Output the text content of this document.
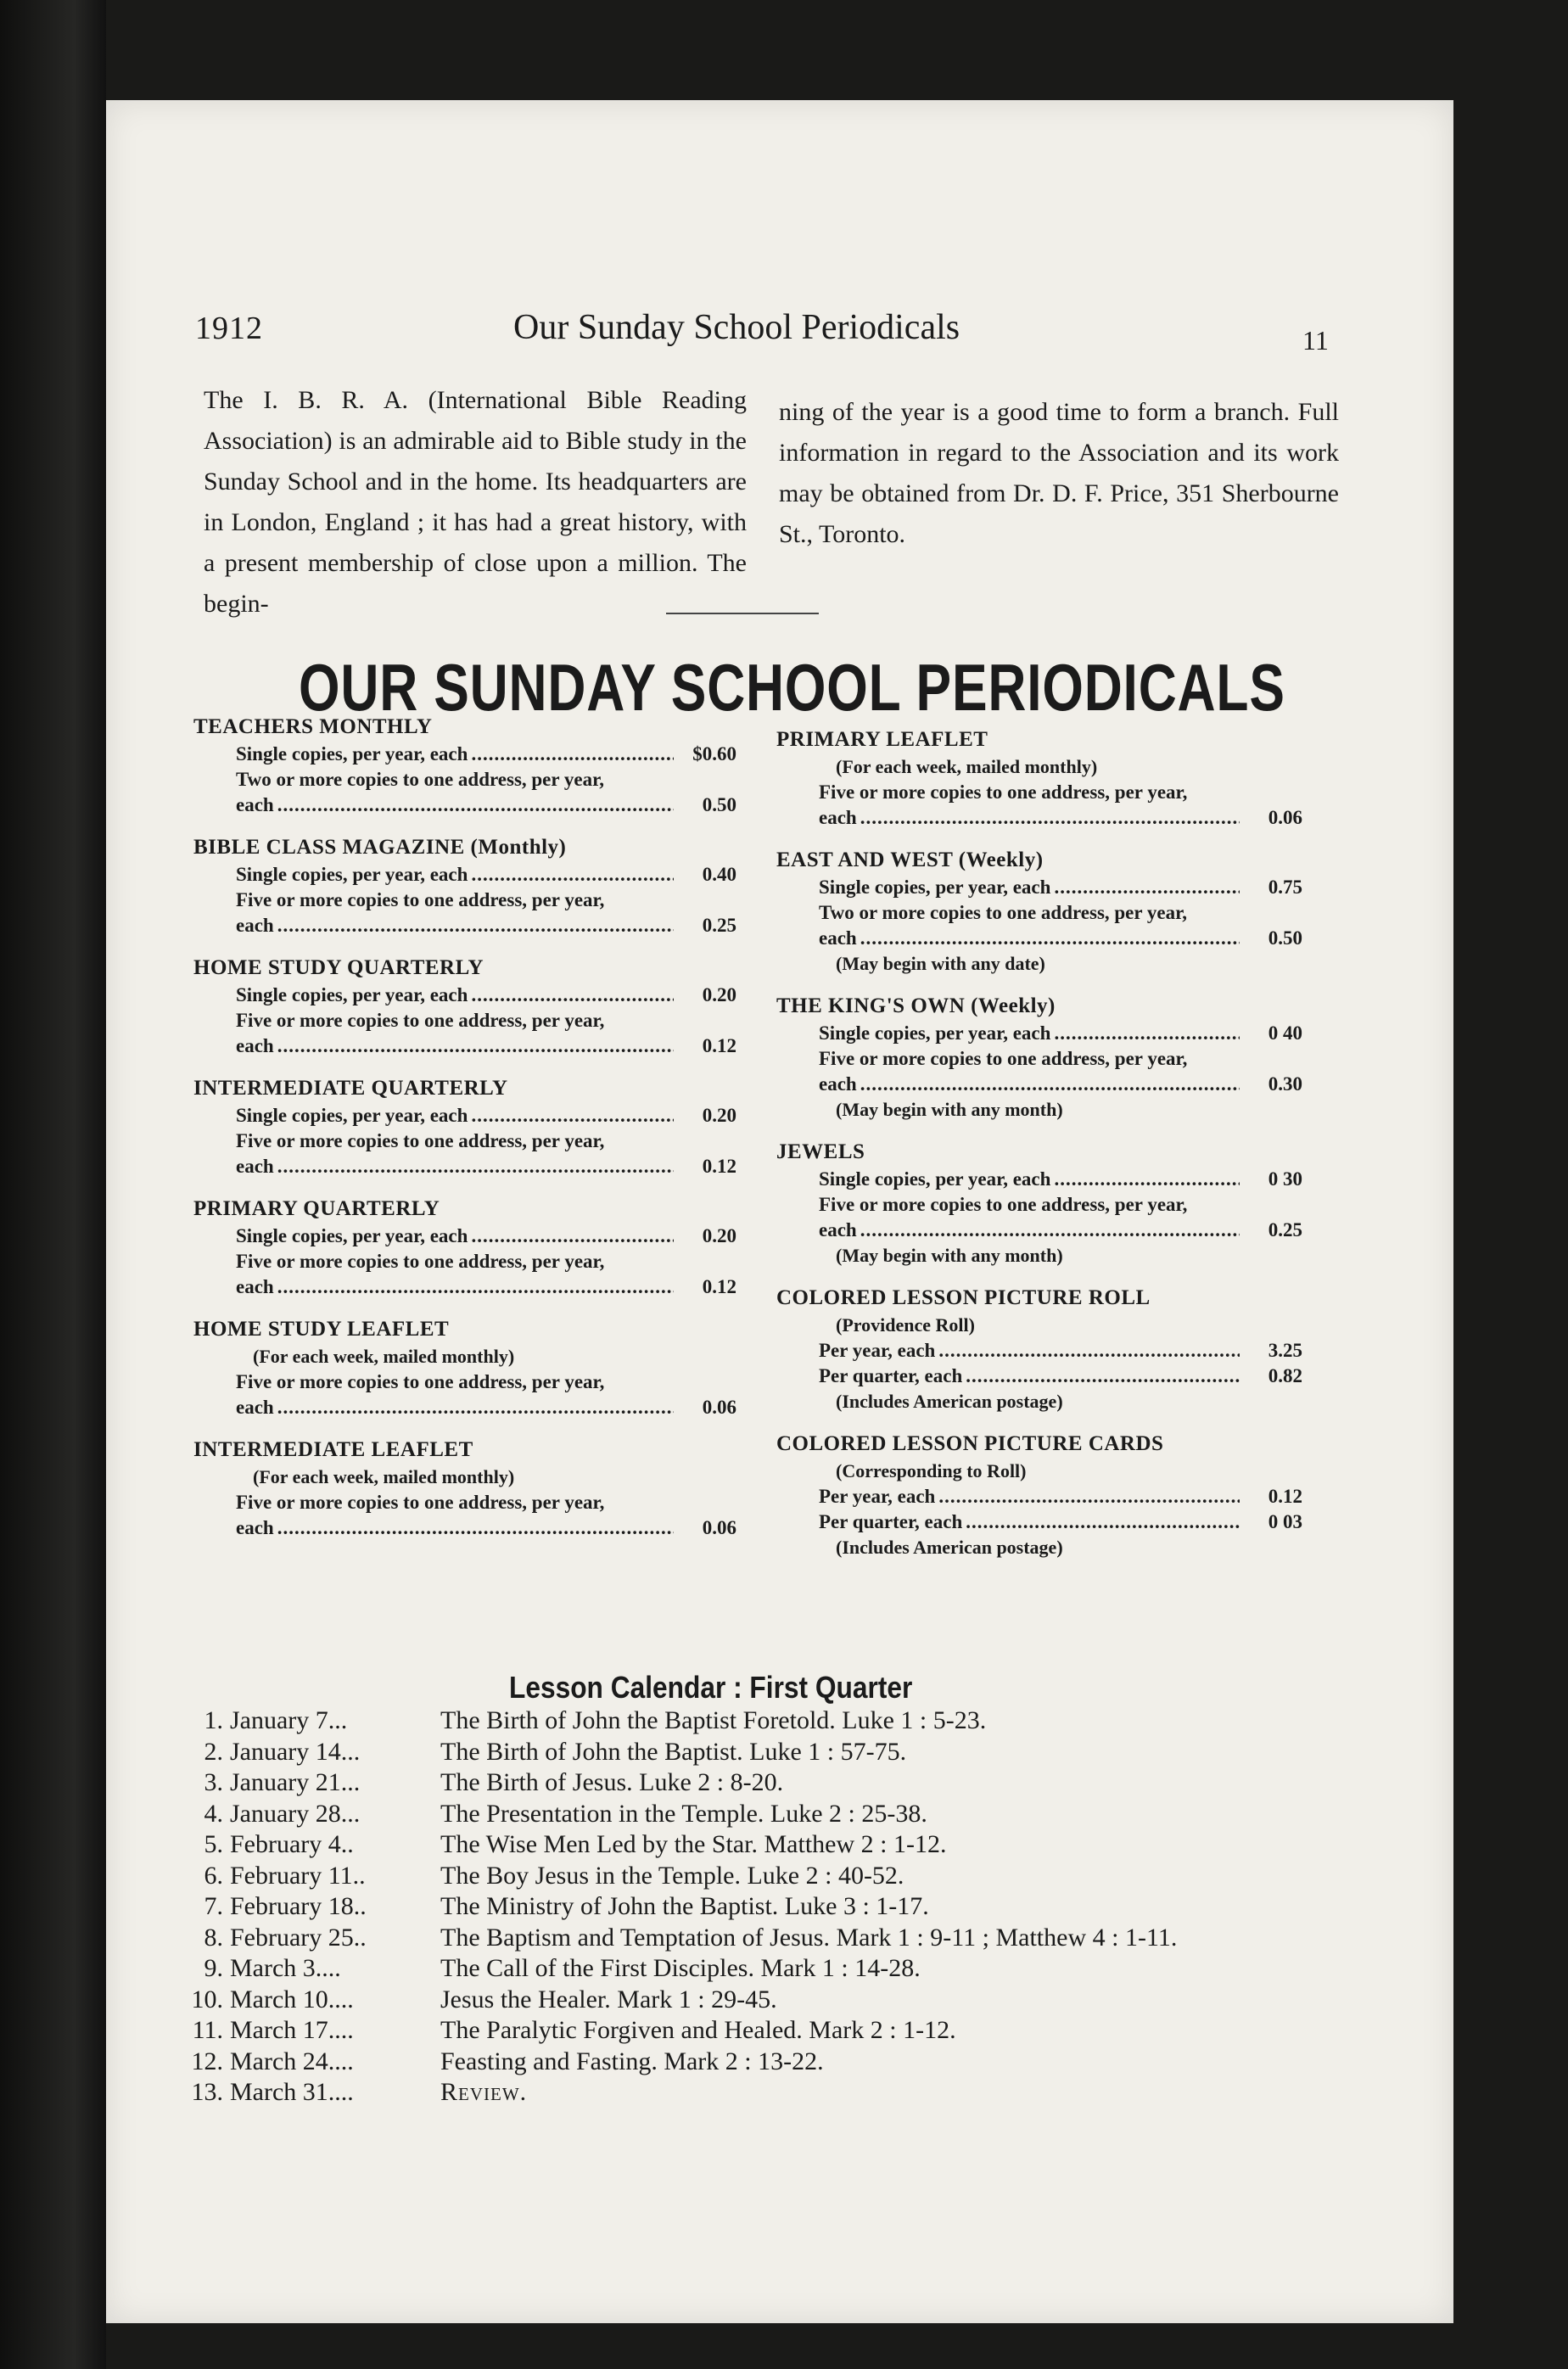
1912	Our Sunday School Periodicals	11

The I. B. R. A. (International Bible Reading Association) is an admirable aid to Bible study in the Sunday School and in the home. Its headquarters are in London, England ; it has had a great history, with a present membership of close upon a million. The begin-

ning of the year is a good time to form a branch. Full information in regard to the Association and its work may be obtained from Dr. D. F. Price, 351 Sherbourne St., Toronto.

OUR SUNDAY SCHOOL PERIODICALS
TEACHERS MONTHLY
Single copies, per year, each .....	$0.60
Two or more copies to one address, per year,
each .....	0.50
BIBLE CLASS MAGAZINE (Monthly)
Single copies, per year, each .....	0.40
Five or more copies to one address, per year,
each .....	0.25
HOME STUDY QUARTERLY
Single copies, per year, each .....	0.20
Five or more copies to one address, per year,
each .....	0.12
INTERMEDIATE QUARTERLY
Single copies, per year, each .....	0.20
Five or more copies to one address, per year,
each .....	0.12
PRIMARY QUARTERLY
Single copies, per year, each .....	0.20
Five or more copies to one address, per year,
each .....	0.12
HOME STUDY LEAFLET
(For each week, mailed monthly)
Five or more copies to one address, per year,
each .....	0.06
INTERMEDIATE LEAFLET
(For each week, mailed monthly)
Five or more copies to one address, per year,
each .....	0.06
PRIMARY LEAFLET
(For each week, mailed monthly)
Five or more copies to one address, per year,
each .....	0.06
EAST AND WEST (Weekly)
Single copies, per year, each .....	0.75
Two or more copies to one address, per year,
each .....	0.50
(May begin with any date)
THE KING'S OWN (Weekly)
Single copies, per year, each .....	0 40
Five or more copies to one address, per year,
each .....	0.30
(May begin with any month)
JEWELS
Single copies, per year, each .....	0 30
Five or more copies to one address, per year,
each .....	0.25
(May begin with any month)
COLORED LESSON PICTURE ROLL
(Providence Roll)
Per year, each .....	3.25
Per quarter, each .....	0.82
(Includes American postage)
COLORED LESSON PICTURE CARDS
(Corresponding to Roll)
Per year, each .....	0.12
Per quarter, each .....	0 03
(Includes American postage)
Lesson Calendar : First Quarter
1. January 7...	The Birth of John the Baptist Foretold. Luke 1 : 5-23.
2. January 14...	The Birth of John the Baptist. Luke 1 : 57-75.
3. January 21...	The Birth of Jesus. Luke 2 : 8-20.
4. January 28...	The Presentation in the Temple. Luke 2 : 25-38.
5. February 4..	The Wise Men Led by the Star. Matthew 2 : 1-12.
6. February 11..	The Boy Jesus in the Temple. Luke 2 : 40-52.
7. February 18..	The Ministry of John the Baptist. Luke 3 : 1-17.
8. February 25..	The Baptism and Temptation of Jesus. Mark 1 : 9-11 ; Matthew 4 : 1-11.
9. March 3....	The Call of the First Disciples. Mark 1 : 14-28.
10. March 10....	Jesus the Healer. Mark 1 : 29-45.
11. March 17....	The Paralytic Forgiven and Healed. Mark 2 : 1-12.
12. March 24....	Feasting and Fasting. Mark 2 : 13-22.
13. March 31....	Review.
